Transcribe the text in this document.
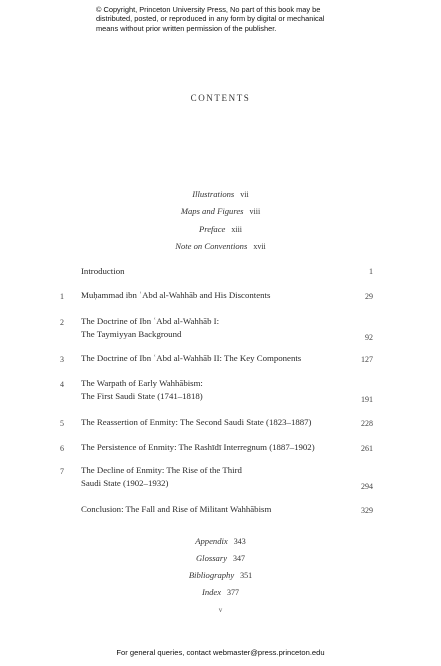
© Copyright, Princeton University Press, No part of this book may be
distributed, posted, or reproduced in any form by digital or mechanical
means without prior written permission of the publisher.
CONTENTS
Illustrations vii
Maps and Figures viii
Preface xiii
Note on Conventions xvii
Introduction	1
1	Muḥammad ibn ʿAbd al-Wahhāb and His Discontents	29
2	The Doctrine of Ibn ʿAbd al-Wahhāb I:
The Taymiyyan Background	92
3	The Doctrine of Ibn ʿAbd al-Wahhāb II: The Key Components	127
4	The Warpath of Early Wahhābism:
The First Saudi State (1741–1818)	191
5	The Reassertion of Enmity: The Second Saudi State (1823–1887)	228
6	The Persistence of Enmity: The Rashīdī Interregnum (1887–1902)	261
7	The Decline of Enmity: The Rise of the Third
Saudi State (1902–1932)	294
Conclusion: The Fall and Rise of Militant Wahhābism	329
Appendix 343
Glossary 347
Bibliography 351
Index 377
v
For general queries, contact webmaster@press.princeton.edu
